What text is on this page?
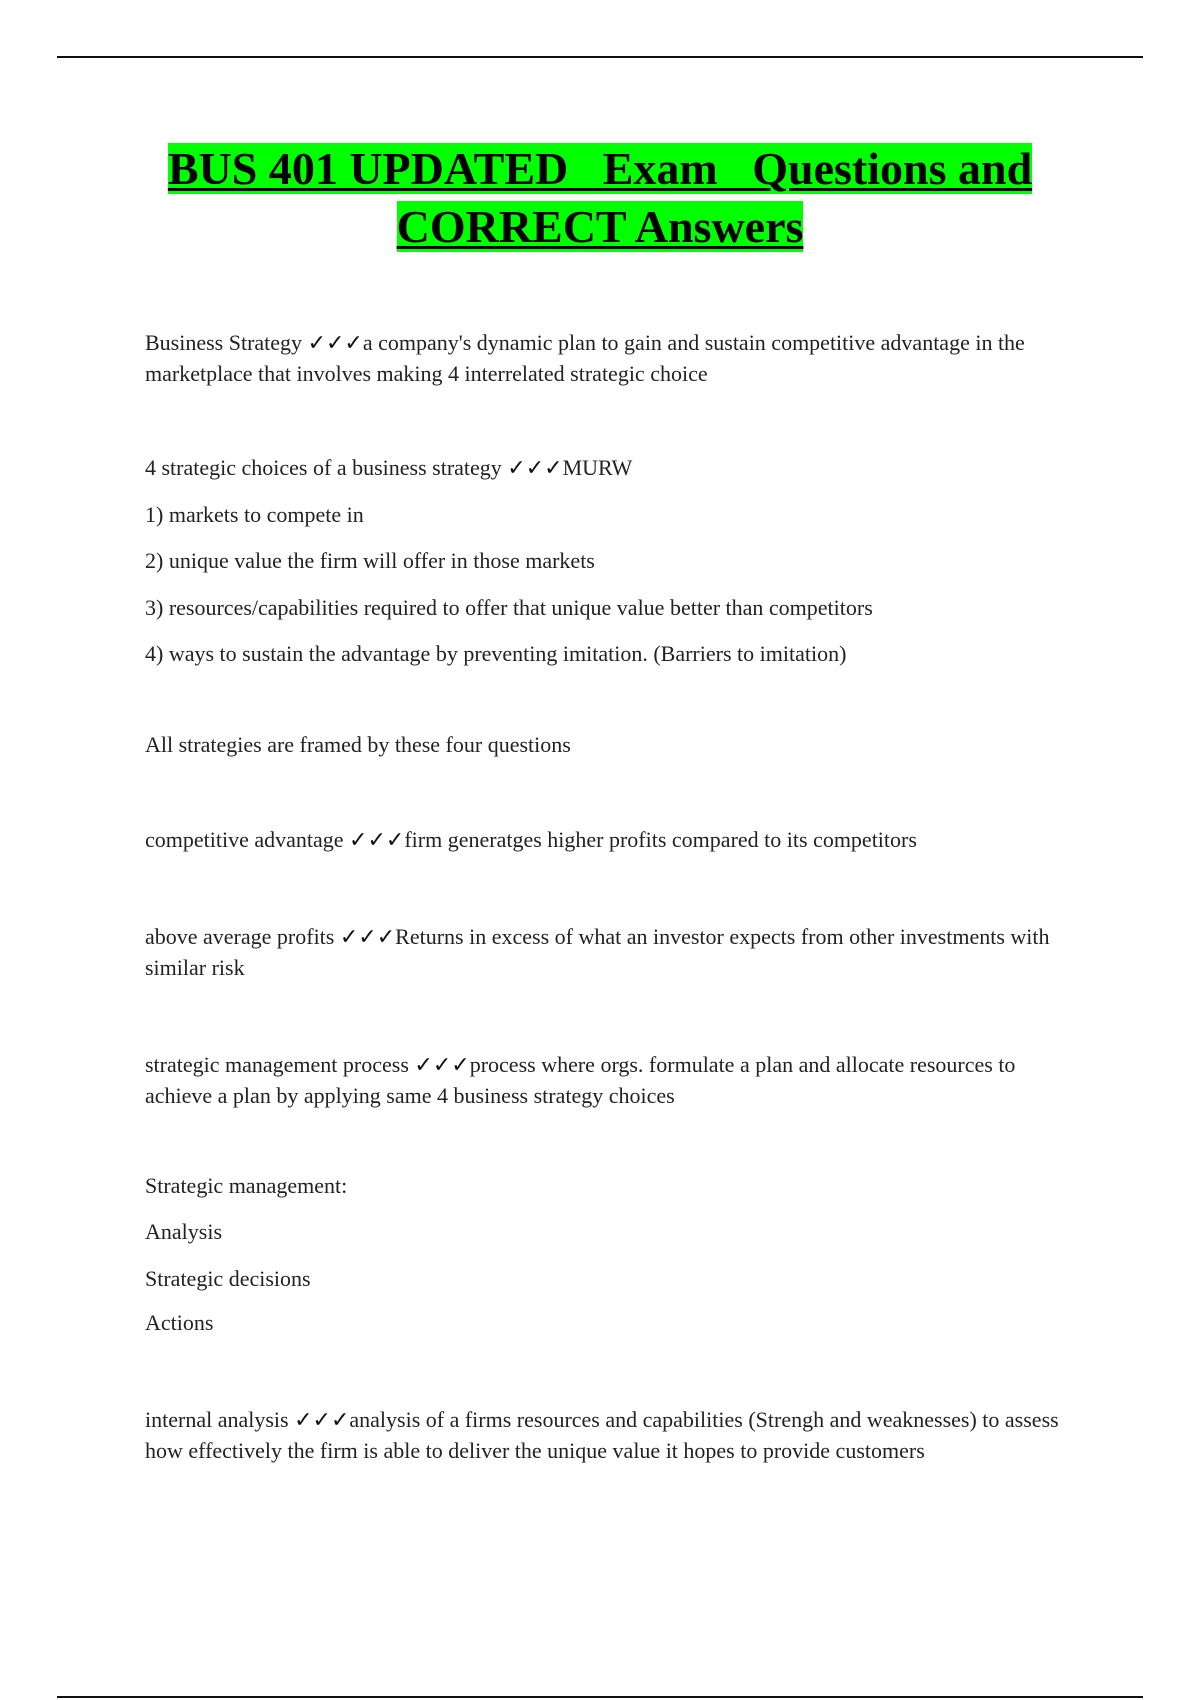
BUS 401 UPDATED   Exam   Questions and
CORRECT Answers
Business Strategy ✓✓✓a company's dynamic plan to gain and sustain competitive advantage in the marketplace that involves making 4 interrelated strategic choice
4 strategic choices of a business strategy ✓✓✓MURW
1) markets to compete in
2) unique value the firm will offer in those markets
3) resources/capabilities required to offer that unique value better than competitors
4) ways to sustain the advantage by preventing imitation. (Barriers to imitation)
All strategies are framed by these four questions
competitive advantage ✓✓✓firm generatges higher profits compared to its competitors
above average profits ✓✓✓Returns in excess of what an investor expects from other investments with similar risk
strategic management process ✓✓✓process where orgs. formulate a plan and allocate resources to achieve a plan by applying same 4 business strategy choices
Strategic management:
Analysis
Strategic decisions
Actions
internal analysis ✓✓✓analysis of a firms resources and capabilities (Strengh and weaknesses) to assess how effectively the firm is able to deliver the unique value it hopes to provide customers
